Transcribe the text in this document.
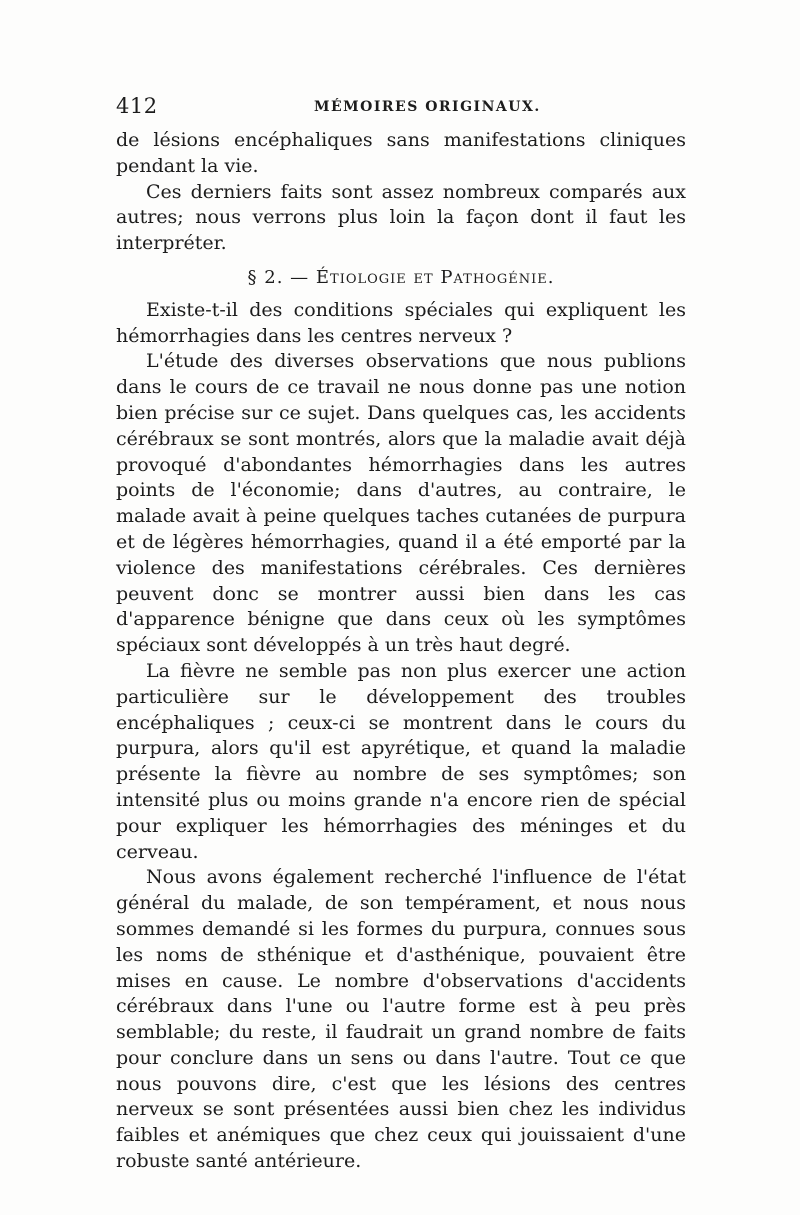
412	MÉMOIRES ORIGINAUX.

de lésions encéphaliques sans manifestations cliniques pendant la vie.

Ces derniers faits sont assez nombreux comparés aux autres; nous verrons plus loin la façon dont il faut les interpréter.

§ 2. — Étiologie et Pathogénie.

Existe-t-il des conditions spéciales qui expliquent les hémorrhagies dans les centres nerveux ?

L'étude des diverses observations que nous publions dans le cours de ce travail ne nous donne pas une notion bien précise sur ce sujet. Dans quelques cas, les accidents cérébraux se sont montrés, alors que la maladie avait déjà provoqué d'abondantes hémorrhagies dans les autres points de l'économie; dans d'autres, au contraire, le malade avait à peine quelques taches cutanées de purpura et de légères hémorrhagies, quand il a été emporté par la violence des manifestations cérébrales. Ces dernières peuvent donc se montrer aussi bien dans les cas d'apparence bénigne que dans ceux où les symptômes spéciaux sont développés à un très haut degré.

La fièvre ne semble pas non plus exercer une action particulière sur le développement des troubles encéphaliques ; ceux-ci se montrent dans le cours du purpura, alors qu'il est apyrétique, et quand la maladie présente la fièvre au nombre de ses symptômes; son intensité plus ou moins grande n'a encore rien de spécial pour expliquer les hémorrhagies des méninges et du cerveau.

Nous avons également recherché l'influence de l'état général du malade, de son tempérament, et nous nous sommes demandé si les formes du purpura, connues sous les noms de sthénique et d'asthénique, pouvaient être mises en cause. Le nombre d'observations d'accidents cérébraux dans l'une ou l'autre forme est à peu près semblable; du reste, il faudrait un grand nombre de faits pour conclure dans un sens ou dans l'autre. Tout ce que nous pouvons dire, c'est que les lésions des centres nerveux se sont présentées aussi bien chez les individus faibles et anémiques que chez ceux qui jouissaient d'une robuste santé antérieure.
